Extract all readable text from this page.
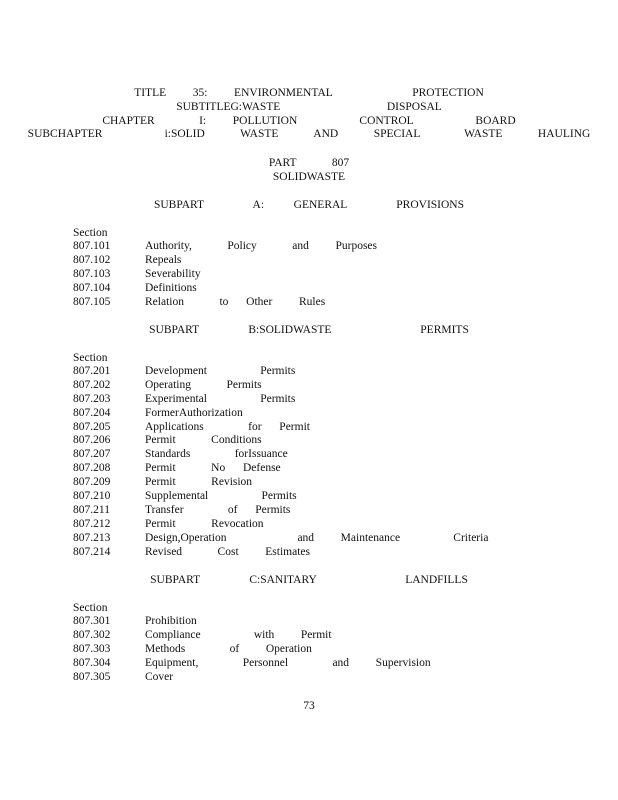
TITLE   35:   ENVIRONMENTAL         PROTECTION
SUBTITLEG:WASTE            DISPOSAL
CHAPTER     I:   POLLUTION       CONTROL       BOARD
SUBCHAPTER       i:SOLID    WASTE    AND    SPECIAL     WASTE    HAULING
PART    807
SOLIDWASTE
SUBPART     A:   GENERAL     PROVISIONS
Section
807.101	Authority,    Policy    and   Purposes
807.102	Repeals
807.103	Severability
807.104	Definitions
807.105	Relation    to  Other   Rules
SUBPART     B:SOLIDWASTE         PERMITS
Section
807.201	Development      Permits
807.202	Operating    Permits
807.203	Experimental      Permits
807.204	FormerAuthorization
807.205	Applications     for  Permit
807.206	Permit    Conditions
807.207	Standards     forIssuance
807.208	Permit    No  Defense
807.209	Permit    Revision
807.210	Supplemental      Permits
807.211	Transfer     of  Permits
807.212	Permit    Revocation
807.213	Design,Operation        and   Maintenance      Criteria
807.214	Revised    Cost   Estimates
SUBPART     C:SANITARY         LANDFILLS
Section
807.301	Prohibition
807.302	Compliance      with   Permit
807.303	Methods     of   Operation
807.304	Equipment,     Personnel     and   Supervision
807.305	Cover
73
